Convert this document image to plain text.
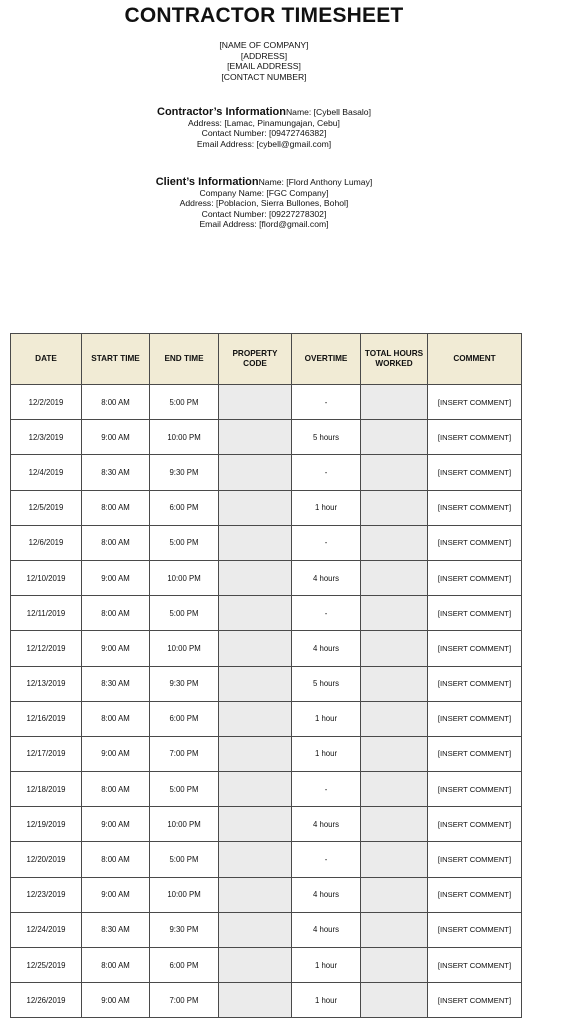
CONTRACTOR TIMESHEET
[NAME OF COMPANY]
[ADDRESS]
[EMAIL ADDRESS]
[CONTACT NUMBER]
Contractor’s InformationName: [Cybell Basalo]
Address: [Lamac, Pinamungajan, Cebu]
Contact Number: [09472746382]
Email Address: [cybell@gmail.com]
Client’s InformationName: [Flord Anthony Lumay]
Company Name: [FGC Company]
Address: [Poblacion, Sierra Bullones, Bohol]
Contact Number: [09227278302]
Email Address: [flord@gmail.com]
DATE	START TIME	END TIME	PROPERTY CODE	OVERTIME	TOTAL HOURS WORKED	COMMENT
12/2/2019	8:00 AM	5:00 PM		-		[INSERT COMMENT]
12/3/2019	9:00 AM	10:00 PM		5 hours		[INSERT COMMENT]
12/4/2019	8:30 AM	9:30 PM		-		[INSERT COMMENT]
12/5/2019	8:00 AM	6:00 PM		1 hour		[INSERT COMMENT]
12/6/2019	8:00 AM	5:00 PM		-		[INSERT COMMENT]
12/10/2019	9:00 AM	10:00 PM		4 hours		[INSERT COMMENT]
12/11/2019	8:00 AM	5:00 PM		-		[INSERT COMMENT]
12/12/2019	9:00 AM	10:00 PM		4 hours		[INSERT COMMENT]
12/13/2019	8:30 AM	9:30 PM		5 hours		[INSERT COMMENT]
12/16/2019	8:00 AM	6:00 PM		1 hour		[INSERT COMMENT]
12/17/2019	9:00 AM	7:00 PM		1 hour		[INSERT COMMENT]
12/18/2019	8:00 AM	5:00 PM		-		[INSERT COMMENT]
12/19/2019	9:00 AM	10:00 PM		4 hours		[INSERT COMMENT]
12/20/2019	8:00 AM	5:00 PM		-		[INSERT COMMENT]
12/23/2019	9:00 AM	10:00 PM		4 hours		[INSERT COMMENT]
12/24/2019	8:30 AM	9:30 PM		4 hours		[INSERT COMMENT]
12/25/2019	8:00 AM	6:00 PM		1 hour		[INSERT COMMENT]
12/26/2019	9:00 AM	7:00 PM		1 hour		[INSERT COMMENT]
